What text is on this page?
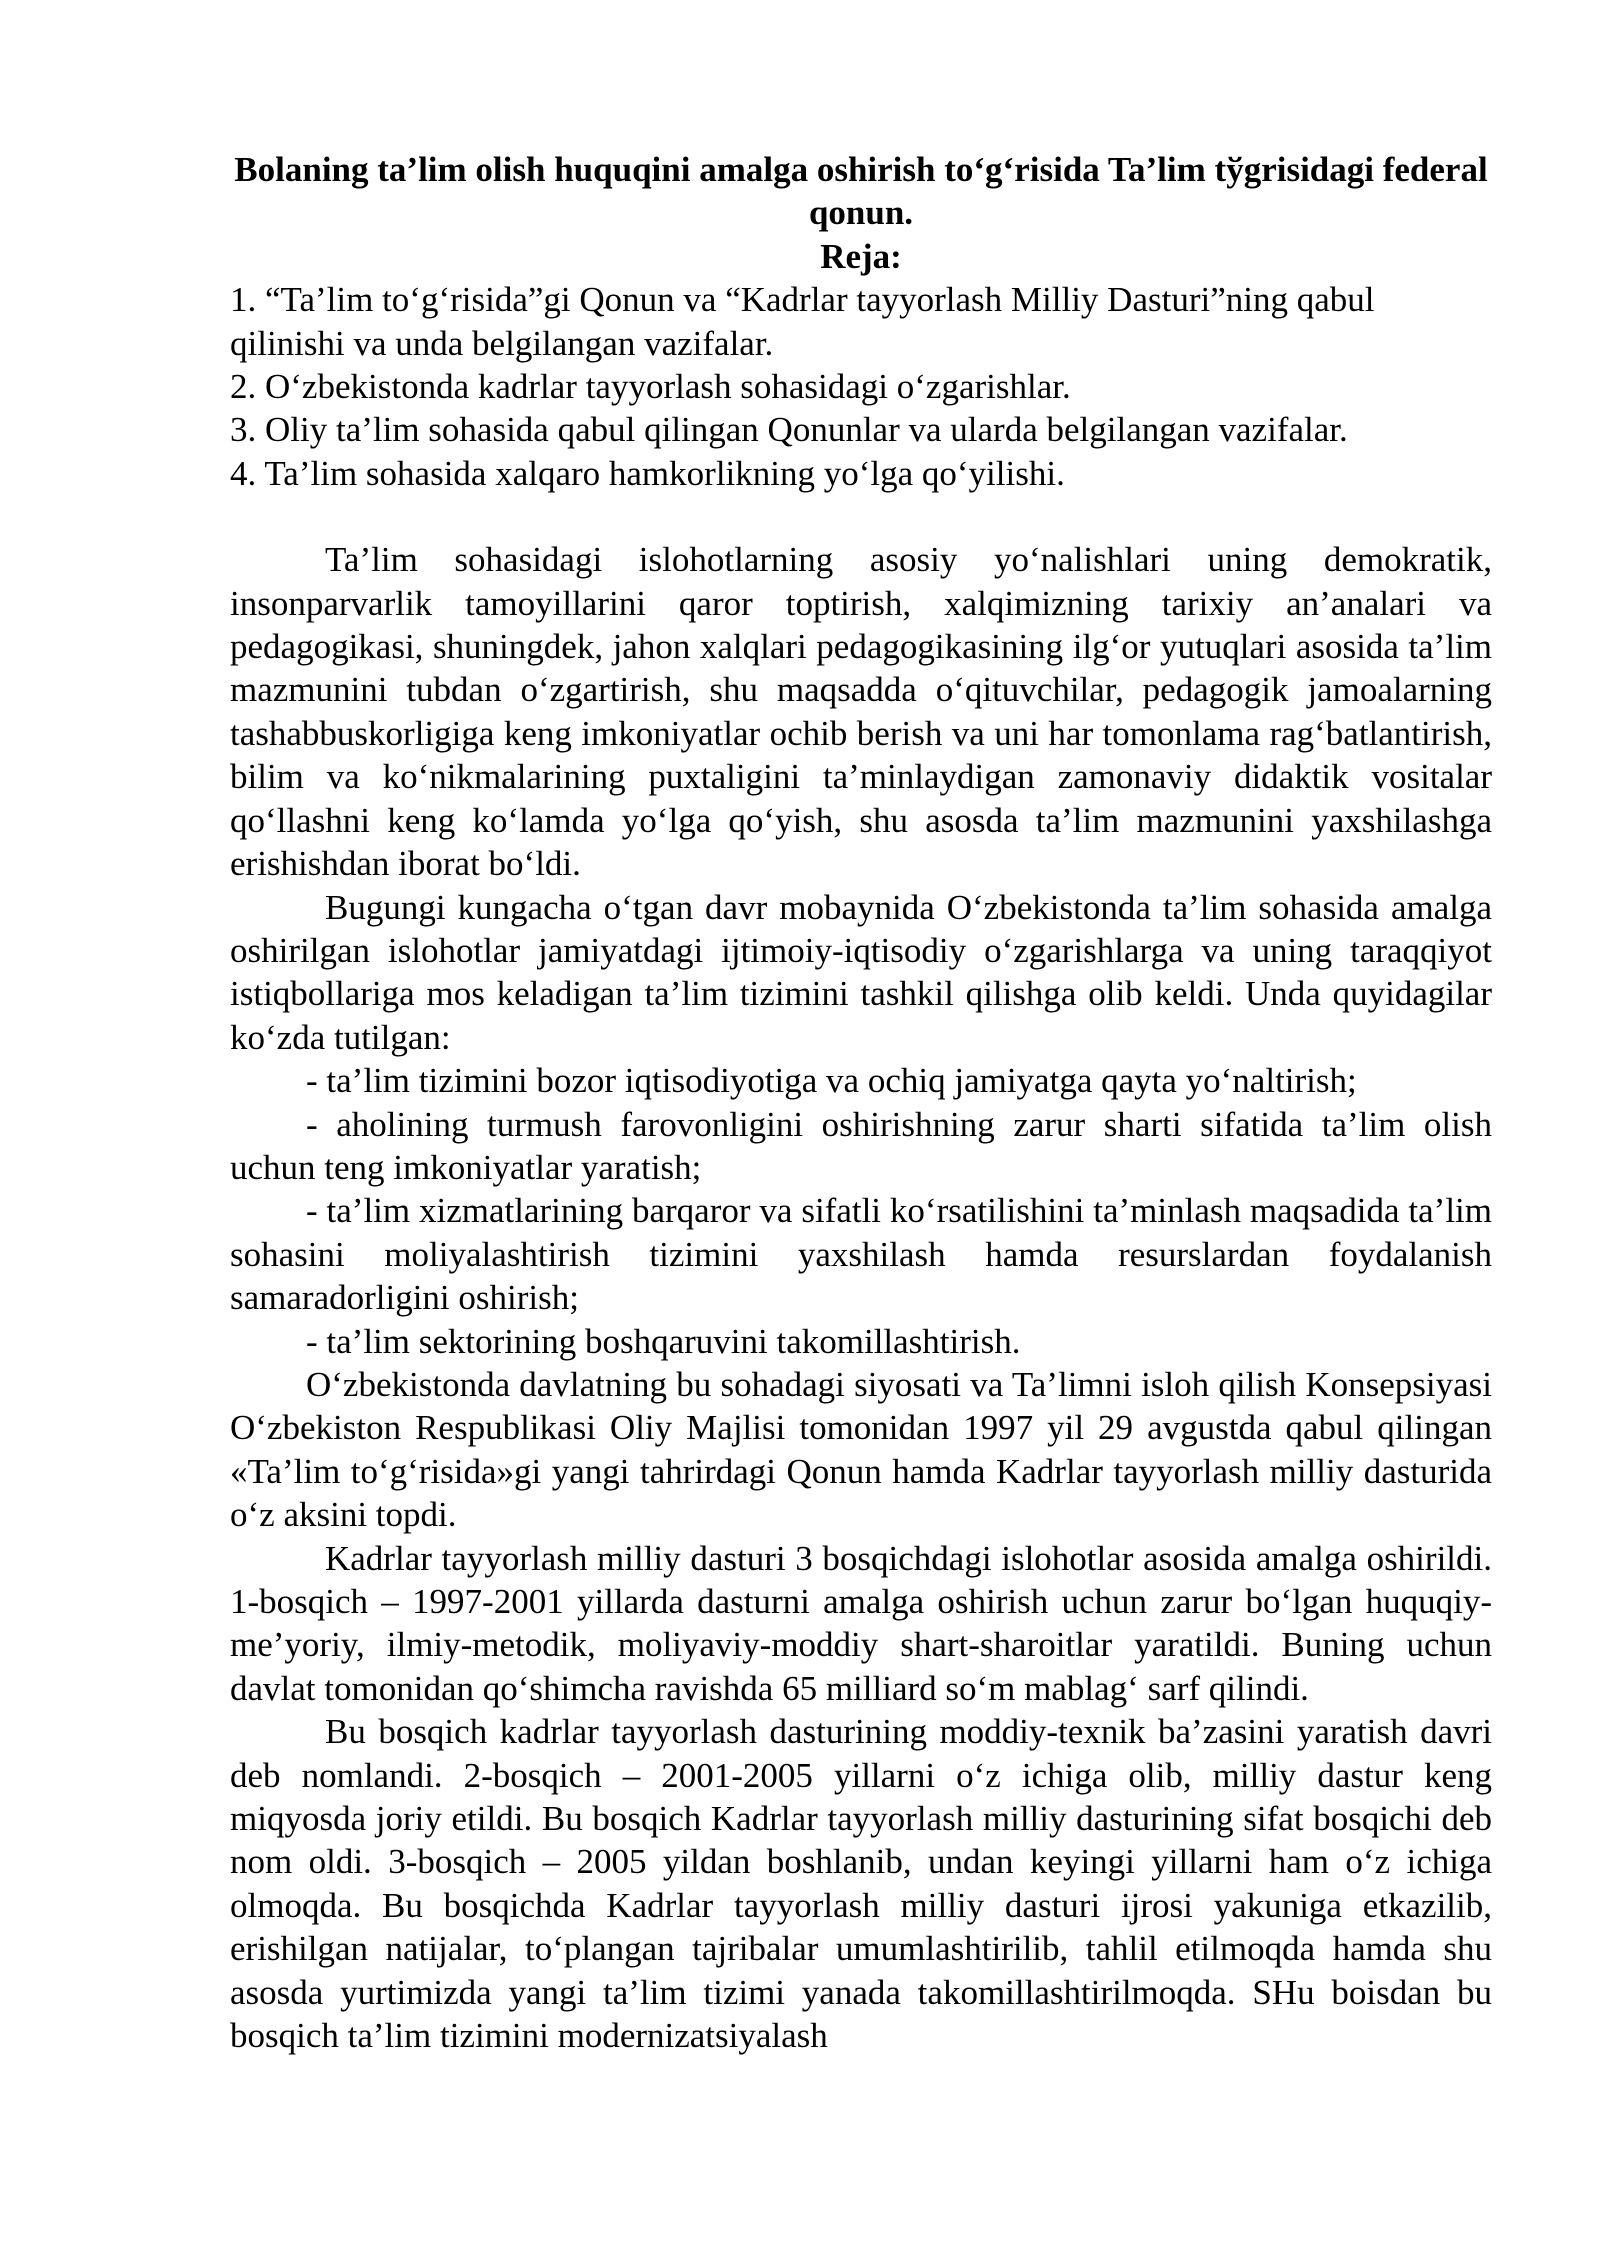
Bolaning ta’lim olish huquqini amalga oshirish to‘g‘risida Ta’lim tўgrisidagi federal qonun.

Reja:

1. “Ta’lim to‘g‘risida”gi Qonun va “Kadrlar tayyorlash Milliy Dasturi”ning qabul qilinishi va unda belgilangan vazifalar.

2. O‘zbekistonda kadrlar tayyorlash sohasidagi o‘zgarishlar.

3. Oliy ta’lim sohasida qabul qilingan Qonunlar va ularda belgilangan vazifalar.

4. Ta’lim sohasida xalqaro hamkorlikning yo‘lga qo‘yilishi.

Ta’lim sohasidagi islohotlarning asosiy yo‘nalishlari uning demokratik, insonparvarlik tamoyillarini qaror toptirish, xalqimizning tarixiy an’analari va pedagogikasi, shuningdek, jahon xalqlari pedagogikasining ilg‘or yutuqlari asosida ta’lim mazmunini tubdan o‘zgartirish, shu maqsadda o‘qituvchilar, pedagogik jamoalarning tashabbuskorligiga keng imkoniyatlar ochib berish va uni har tomonlama rag‘batlantirish, bilim va ko‘nikmalarining puxtaligini ta’minlaydigan zamonaviy didaktik vositalar qo‘llashni keng ko‘lamda yo‘lga qo‘yish, shu asosda ta’lim mazmunini yaxshilashga erishishdan iborat bo‘ldi.

Bugungi kungacha o‘tgan davr mobaynida O‘zbekistonda ta’lim sohasida amalga oshirilgan islohotlar jamiyatdagi ijtimoiy-iqtisodiy o‘zgarishlarga va uning taraqqiyot istiqbollariga mos keladigan ta’lim tizimini tashkil qilishga olib keldi. Unda quyidagilar ko‘zda tutilgan:

- ta’lim tizimini bozor iqtisodiyotiga va ochiq jamiyatga qayta yo‘naltirish;

- aholining turmush farovonligini oshirishning zarur sharti sifatida ta’lim olish uchun teng imkoniyatlar yaratish;

- ta’lim xizmatlarining barqaror va sifatli ko‘rsatilishini ta’minlash maqsadida ta’lim sohasini moliyalashtirish tizimini yaxshilash hamda resurslardan foydalanish samaradorligini oshirish;

- ta’lim sektorining boshqaruvini takomillashtirish.

O‘zbekistonda davlatning bu sohadagi siyosati va Ta’limni isloh qilish Konsepsiyasi O‘zbekiston Respublikasi Oliy Majlisi tomonidan 1997 yil 29 avgustda qabul qilingan «Ta’lim to‘g‘risida»gi yangi tahrirdagi Qonun hamda Kadrlar tayyorlash milliy dasturida o‘z aksini topdi.

Kadrlar tayyorlash milliy dasturi 3 bosqichdagi islohotlar asosida amalga oshirildi. 1-bosqich – 1997-2001 yillarda dasturni amalga oshirish uchun zarur bo‘lgan huquqiy-me’yoriy, ilmiy-metodik, moliyaviy-moddiy shart-sharoitlar yaratildi. Buning uchun davlat tomonidan qo‘shimcha ravishda 65 milliard so‘m mablag‘ sarf qilindi.

Bu bosqich kadrlar tayyorlash dasturining moddiy-texnik ba’zasini yaratish davri deb nomlandi. 2-bosqich – 2001-2005 yillarni o‘z ichiga olib, milliy dastur keng miqyosda joriy etildi. Bu bosqich Kadrlar tayyorlash milliy dasturining sifat bosqichi deb nom oldi. 3-bosqich – 2005 yildan boshlanib, undan keyingi yillarni ham o‘z ichiga olmoqda. Bu bosqichda Kadrlar tayyorlash milliy dasturi ijrosi yakuniga etkazilib, erishilgan natijalar, to‘plangan tajribalar umumlashtirilib, tahlil etilmoqda hamda shu asosda yurtimizda yangi ta’lim tizimi yanada takomillashtirilmoqda. SHu boisdan bu bosqich ta’lim tizimini modernizatsiyalash
